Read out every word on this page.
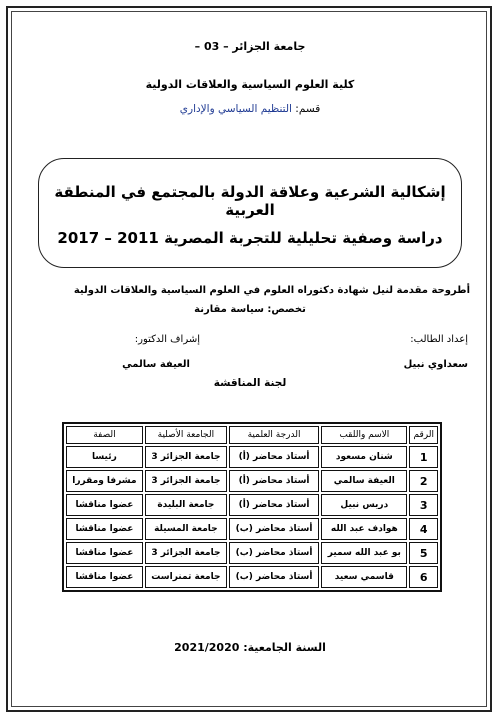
جامعة الجزائر – 03 –
كلية العلوم السياسية والعلاقات الدولية
قسم: التنظيم السياسي والإداري
إشكالية الشرعية وعلاقة الدولة بالمجتمع في المنطقة العربية
دراسة وصفية تحليلية للتجربة المصرية 2011 – 2017
أطروحة مقدمة لنيل شهادة دكتوراه العلوم في العلوم السياسية والعلاقات الدولية
تخصص: سياسة مقارنة
إشراف الدكتور:
العيفة سالمي
إعداد الطالب:
سعداوي نبيل
لجنة المناقشة
الرقم	الاسم واللقب	الدرجة العلمية	الجامعة الأصلية	الصفة
1	شنان مسعود	أستاذ محاضر (أ)	جامعة الجزائر 3	رئيسا
2	العيفة سالمي	أستاذ محاضر (أ)	جامعة الجزائر 3	مشرفا ومقررا
3	دريس نبيل	أستاذ محاضر (أ)	جامعة البليدة	عضوا مناقشا
4	هوادف عبد الله	أستاذ محاضر (ب)	جامعة المسيلة	عضوا مناقشا
5	بو عبد الله سمير	أستاذ محاضر (ب)	جامعة الجزائر 3	عضوا مناقشا
6	قاسمي سعيد	أستاذ محاضر (ب)	جامعة تمنراست	عضوا مناقشا
السنة الجامعية: 2021/2020
